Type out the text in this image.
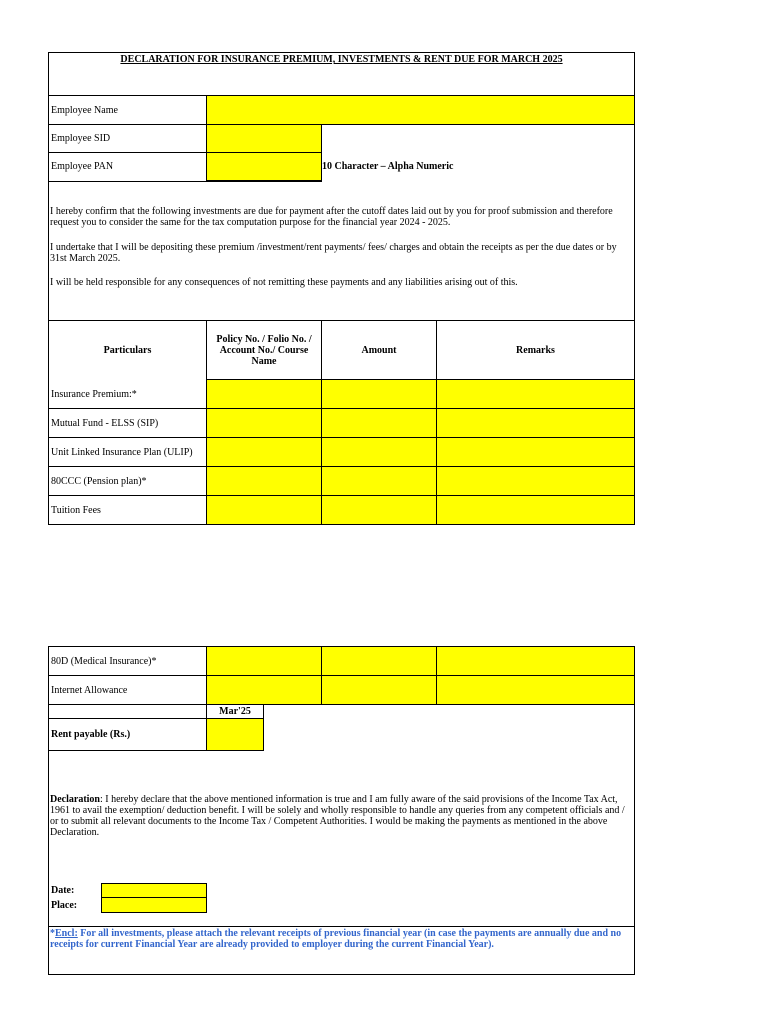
DECLARATION FOR INSURANCE PREMIUM, INVESTMENTS & RENT DUE FOR MARCH 2025
Employee Name
Employee SID
Employee PAN	10 Character – Alpha Numeric

I hereby confirm that the following investments are due for payment after the cutoff dates laid out by you for proof submission and therefore request you to consider the same for the tax computation purpose for the financial year 2024 - 2025.

I undertake that I will be depositing these premium /investment/rent payments/ fees/ charges and obtain the receipts as per the due dates or by 31st March 2025.

I will be held responsible for any consequences of not remitting these payments and any liabilities arising out of this.

Particulars
Policy No. / Folio No. / Account No./ Course Name
Amount	Remarks
Insurance Premium:*
Mutual Fund - ELSS (SIP)
Unit Linked Insurance Plan (ULIP)
80CCC (Pension plan)*
Tuition Fees
80D (Medical Insurance)*
Internet Allowance
Mar'25
Rent payable (Rs.)

Declaration: I hereby declare that the above mentioned information is true and I am fully aware of the said provisions of the Income Tax Act, 1961 to avail the exemption/ deduction benefit. I will be solely and wholly responsible to handle any queries from any competent officials and / or to submit all relevant documents to the Income Tax / Competent Authorities. I would be making the payments as mentioned in the above Declaration.

Date:
Place:

*Encl: For all investments, please attach the relevant receipts of previous financial year (in case the payments are annually due and no receipts for current Financial Year are already provided to employer during the current Financial Year).
